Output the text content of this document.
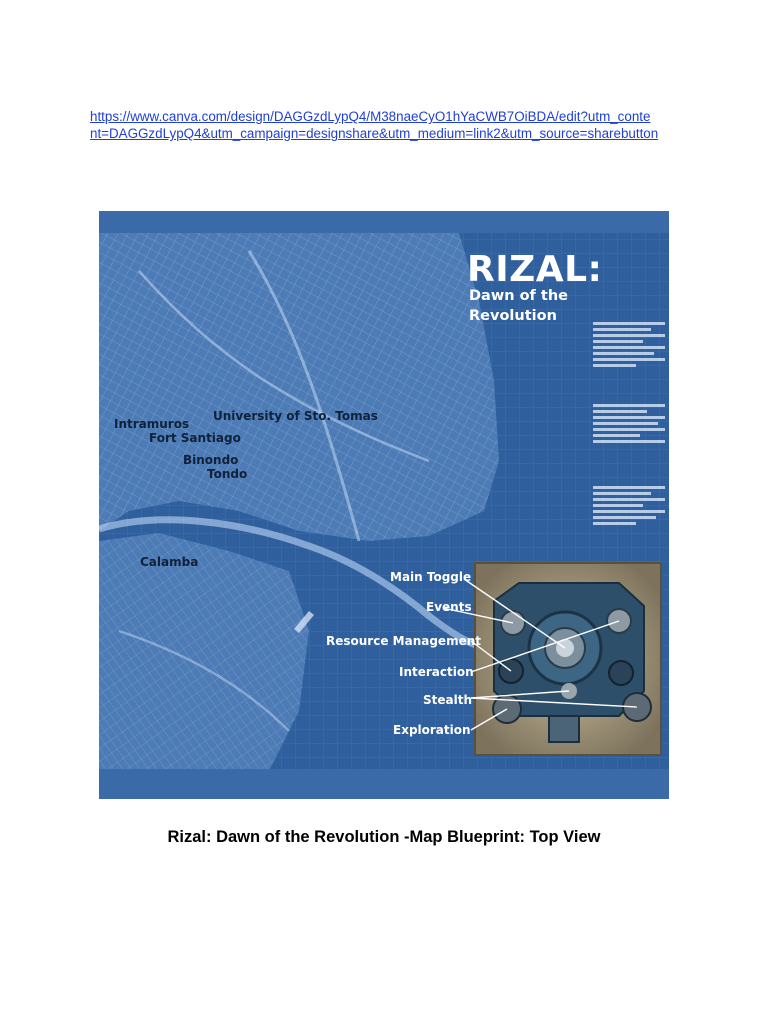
https://www.canva.com/design/DAGGzdLypQ4/M38naeCyO1hYaCWB7OiBDA/edit?utm_conte
nt=DAGGzdLypQ4&utm_campaign=designshare&utm_medium=link2&utm_source=sharebutton
RIZAL:
Dawn of the
Revolution
Intramuros
University of Sto. Tomas
Fort Santiago
Binondo
Tondo
Calamba
Main Toggle
Events
Resource Management
Interaction
Stealth
Exploration
Rizal: Dawn of the Revolution -Map Blueprint: Top View
